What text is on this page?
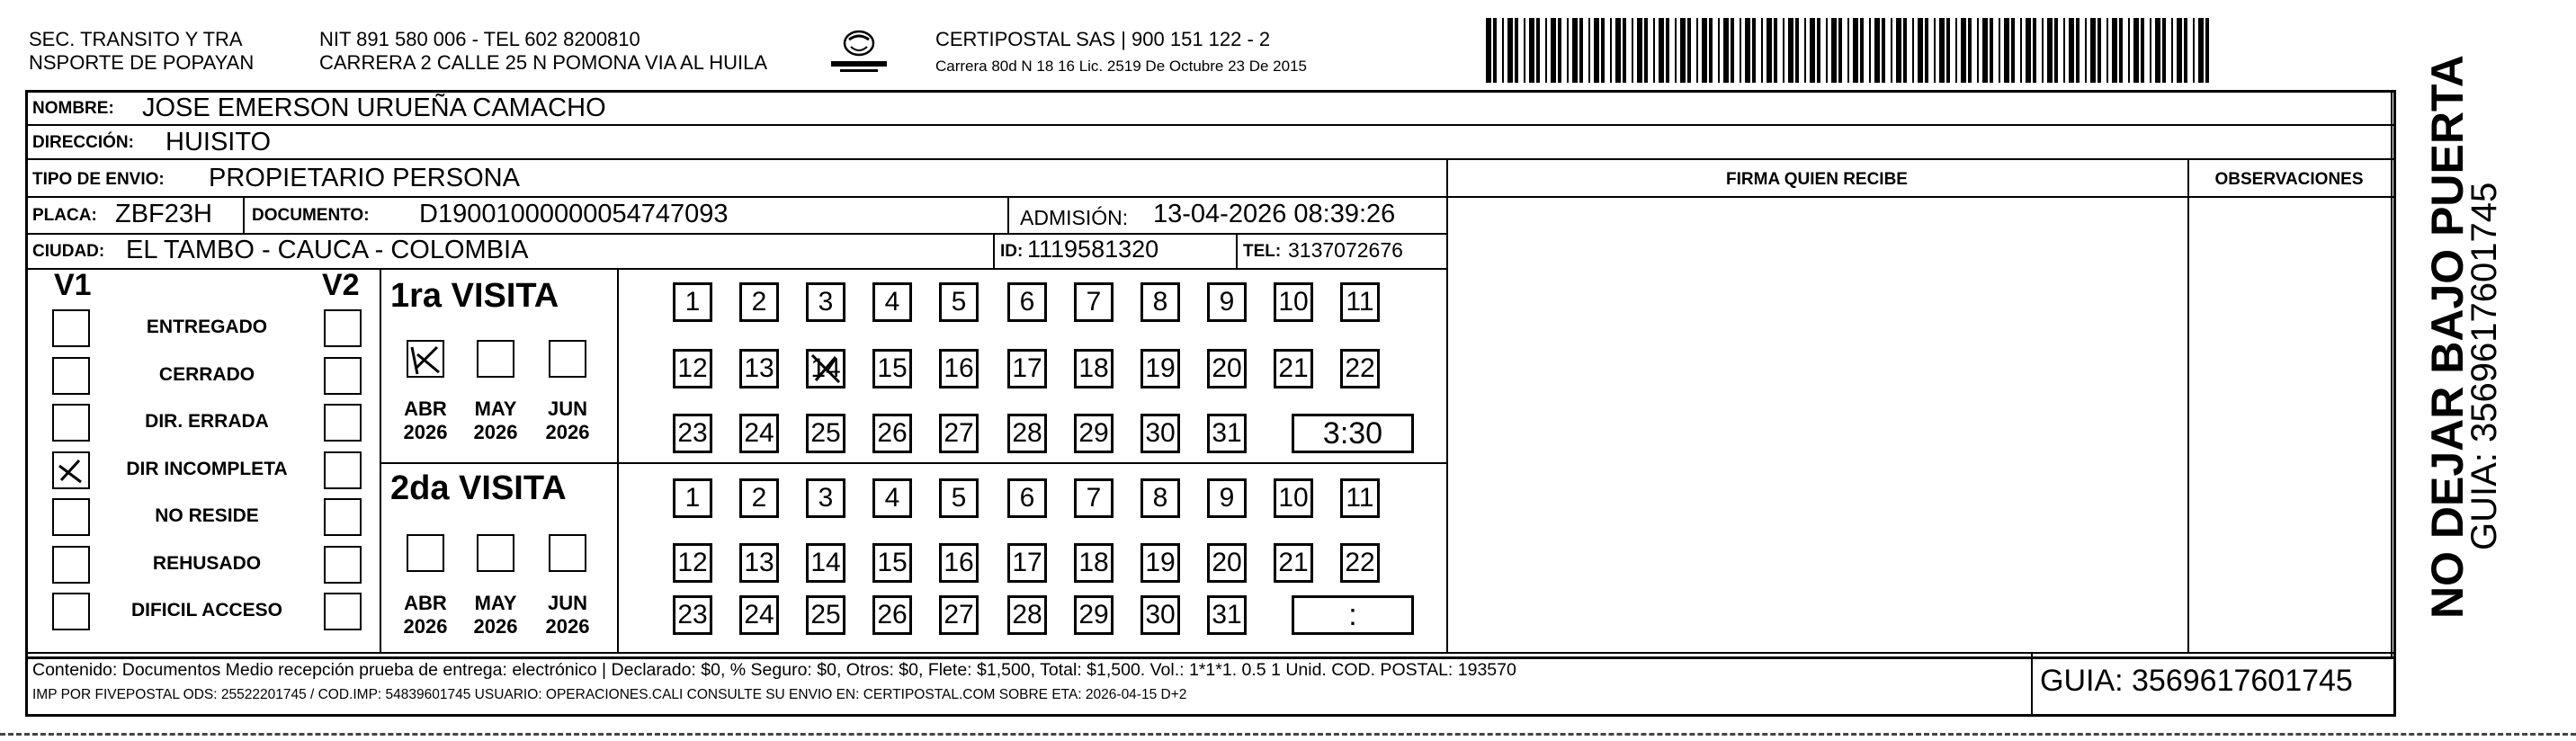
SEC. TRANSITO Y TRA
NSPORTE DE POPAYAN
NIT 891 580 006 - TEL 602 8200810
CARRERA 2 CALLE 25 N POMONA VIA AL HUILA
CERTIPOSTAL SAS | 900 151 122 - 2
Carrera 80d N 18 16 Lic. 2519 De Octubre 23 De 2015
NOMBRE: JOSE EMERSON URUEÑA CAMACHO
DIRECCIÓN: HUISITO
TIPO DE ENVIO: PROPIETARIO PERSONA	FIRMA QUIEN RECIBE	OBSERVACIONES
PLACA: ZBF23H DOCUMENTO: D19001000000054747093	ADMISIÓN: 13-04-2026 08:39:26
CIUDAD: EL TAMBO - CAUCA - COLOMBIA	ID: 1119581320	TEL: 3137072676
V1	V2
ENTREGADO
CERRADO
DIR. ERRADA
DIR INCOMPLETA
NO RESIDE
REHUSADO
DIFICIL ACCESO
1ra VISITA
2da VISITA
ABR
2026
MAY
2026
JUN
2026
ABR
2026
MAY
2026
JUN
2026
1	2	3	4	5	6	7	8	9	10 11
12 13 14 15 16 17 18 19 20 21 22
23 24 25 26 27 28 29 30 31	3:30
1	2	3	4	5	6	7	8	9	10 11
12 13 14 15 16 17 18 19 20 21 22
23 24 25 26 27 28 29 30 31	:
Contenido: Documentos Medio recepción prueba de entrega: electrónico | Declarado: $0, % Seguro: $0, Otros: $0, Flete: $1,500, Total: $1,500. Vol.: 1*1*1. 0.5 1 Unid. COD. POSTAL: 193570
IMP POR FIVEPOSTAL ODS: 25522201745 / COD.IMP: 54839601745 USUARIO: OPERACIONES.CALI CONSULTE SU ENVIO EN: CERTIPOSTAL.COM SOBRE ETA: 2026-04-15 D+2	GUIA: 3569617601745
NO DEJAR BAJO PUERTA
GUIA: 3569617601745
